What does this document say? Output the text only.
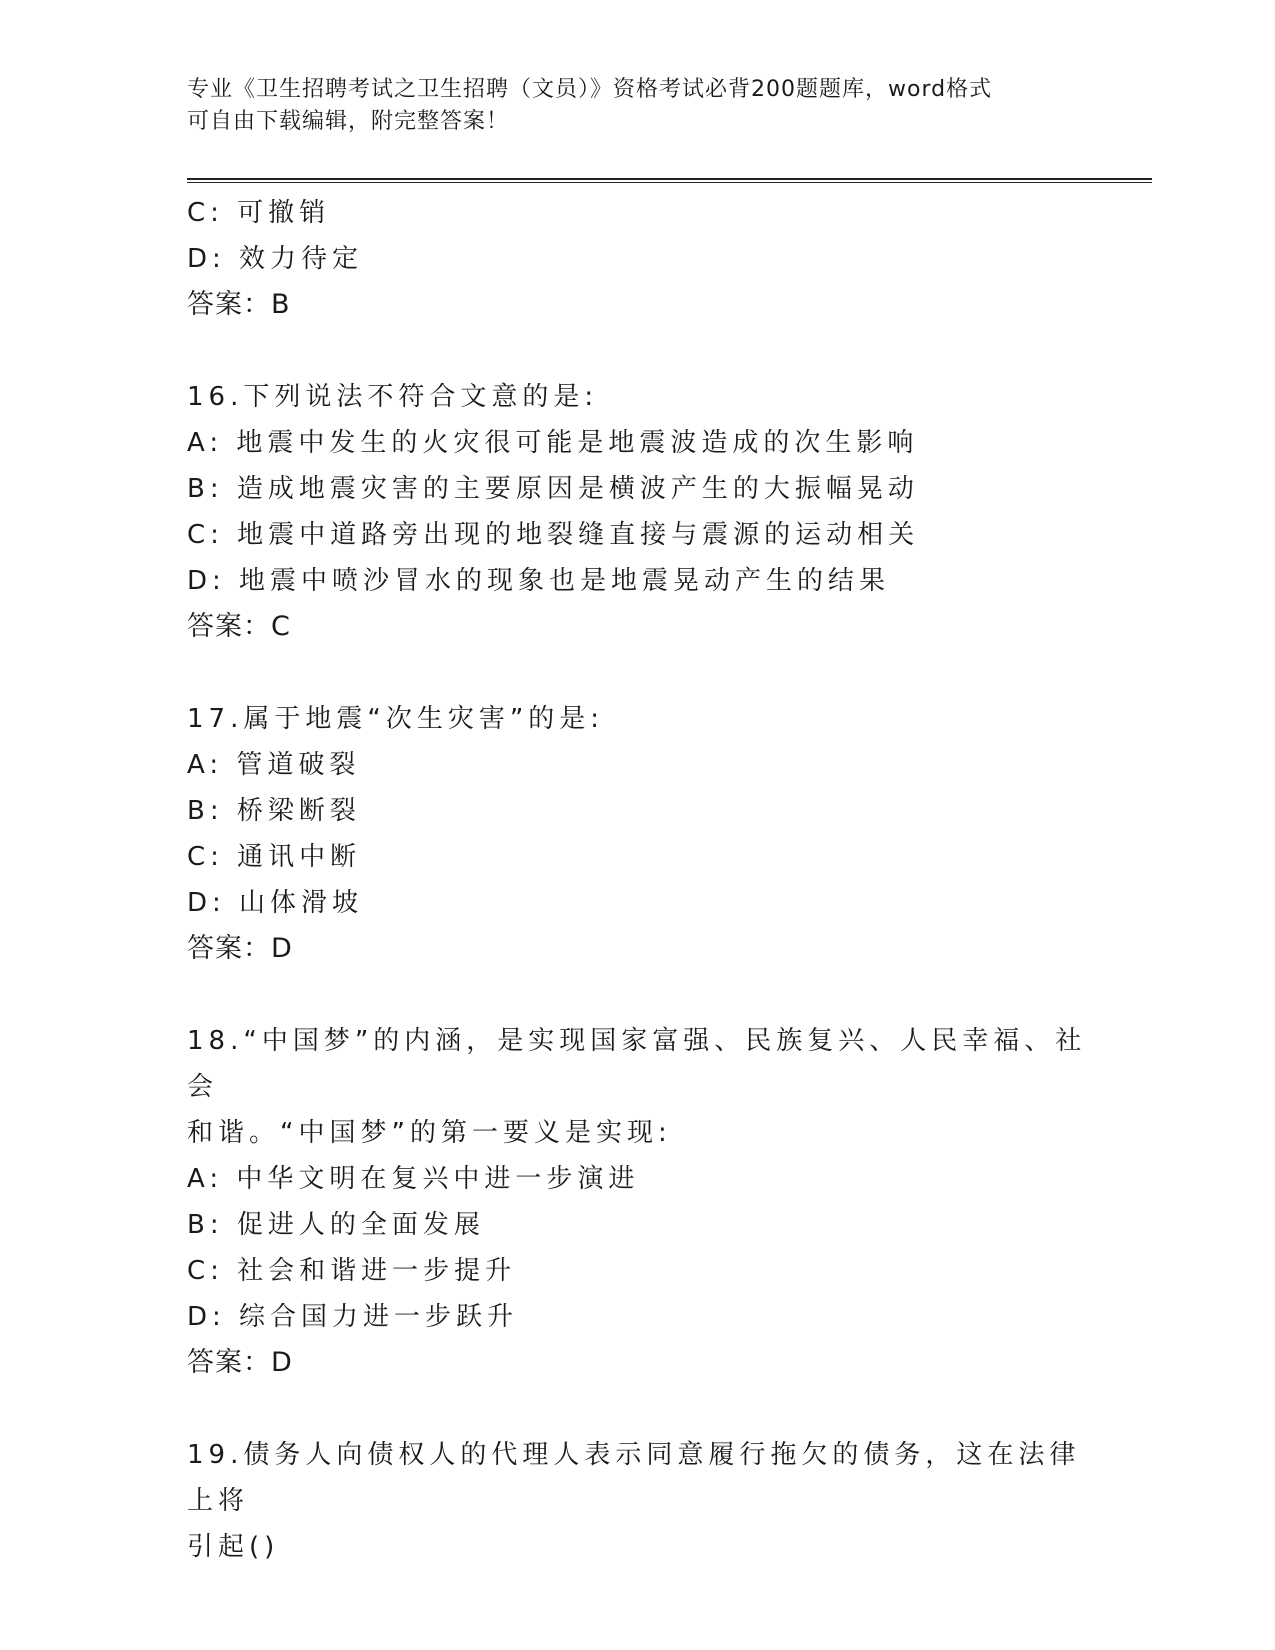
专业《卫生招聘考试之卫生招聘（文员）》资格考试必背200题题库，word格式
可自由下载编辑，附完整答案！
C: 可撤销
D: 效力待定
答案：B
16.下列说法不符合文意的是:
A: 地震中发生的火灾很可能是地震波造成的次生影响
B: 造成地震灾害的主要原因是横波产生的大振幅晃动
C: 地震中道路旁出现的地裂缝直接与震源的运动相关
D: 地震中喷沙冒水的现象也是地震晃动产生的结果
答案：C
17.属于地震“次生灾害”的是:
A: 管道破裂
B: 桥梁断裂
C: 通讯中断
D: 山体滑坡
答案：D
18.“中国梦”的内涵，是实现国家富强、民族复兴、人民幸福、社会
和谐。“中国梦”的第一要义是实现:
A: 中华文明在复兴中进一步演进
B: 促进人的全面发展
C: 社会和谐进一步提升
D: 综合国力进一步跃升
答案：D
19.债务人向债权人的代理人表示同意履行拖欠的债务，这在法律上将
引起()
